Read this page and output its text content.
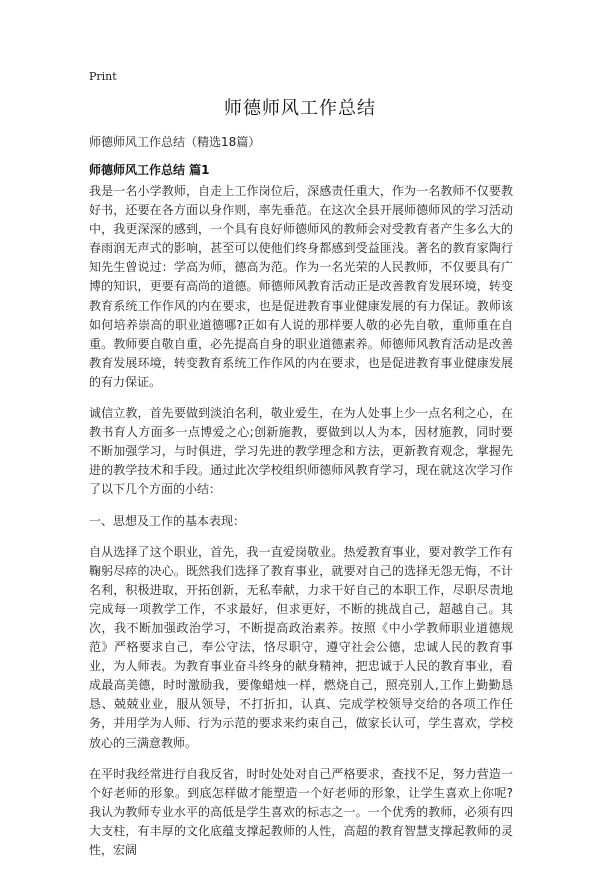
Print
师德师风工作总结
师德师风工作总结（精选18篇）
师德师风工作总结 篇1

我是一名小学教师，自走上工作岗位后，深感责任重大，作为一名教师不仅要教好书，还要在各方面以身作则，率先垂范。在这次全县开展师德师风的学习活动中，我更深深的感到，一个具有良好师德师风的教师会对受教育者产生多么大的春雨润无声式的影响，甚至可以使他们终身都感到受益匪浅。著名的教育家陶行知先生曾说过：学高为师，德高为范。作为一名光荣的人民教师，不仅要具有广博的知识，更要有高尚的道德。师德师风教育活动正是改善教育发展环境，转变教育系统工作作风的内在要求，也是促进教育事业健康发展的有力保证。教师该如何培养崇高的职业道德哪?正如有人说的那样要人敬的必先自敬，重师重在自重。教师要自敬自重，必先提高自身的职业道德素养。师德师风教育活动是改善教育发展环境，转变教育系统工作作风的内在要求，也是促进教育事业健康发展的有力保证。

诚信立教，首先要做到淡泊名利，敬业爱生，在为人处事上少一点名利之心，在教书育人方面多一点博爱之心;创新施教，要做到以人为本，因材施教，同时要不断加强学习，与时俱进，学习先进的教学理念和方法，更新教育观念，掌握先进的教学技术和手段。通过此次学校组织师德师风教育学习，现在就这次学习作了以下几个方面的小结：

一、思想及工作的基本表现：

自从选择了这个职业，首先，我一直爱岗敬业。热爱教育事业，要对教学工作有鞠躬尽瘁的决心。既然我们选择了教育事业，就要对自己的选择无怨无悔，不计名利，积极进取，开拓创新，无私奉献，力求干好自己的本职工作，尽职尽责地完成每一项教学工作，不求最好，但求更好，不断的挑战自己，超越自己。其次，我不断加强政治学习，不断提高政治素养。按照《中小学教师职业道德规范》严格要求自己，奉公守法，恪尽职守，遵守社会公德，忠诚人民的教育事业，为人师表。为教育事业奋斗终身的献身精神，把忠诚于人民的教育事业，看成最高美德，时时激励我，要像蜡烛一样，燃烧自己，照亮别人,工作上勤勤恳恳、兢兢业业，服从领导，不打折扣，认真、完成学校领导交给的各项工作任务，并用学为人师、行为示范的要求来约束自己，做家长认可，学生喜欢，学校放心的三满意教师。

在平时我经常进行自我反省，时时处处对自己严格要求，查找不足，努力营造一个好老师的形象。到底怎样做才能塑造一个好老师的形象，让学生喜欢上你呢?我认为教师专业水平的高低是学生喜欢的标志之一。一个优秀的教师，必须有四大支柱，有丰厚的文化底蕴支撑起教师的人性，高超的教育智慧支撑起教师的灵性，宏阔
